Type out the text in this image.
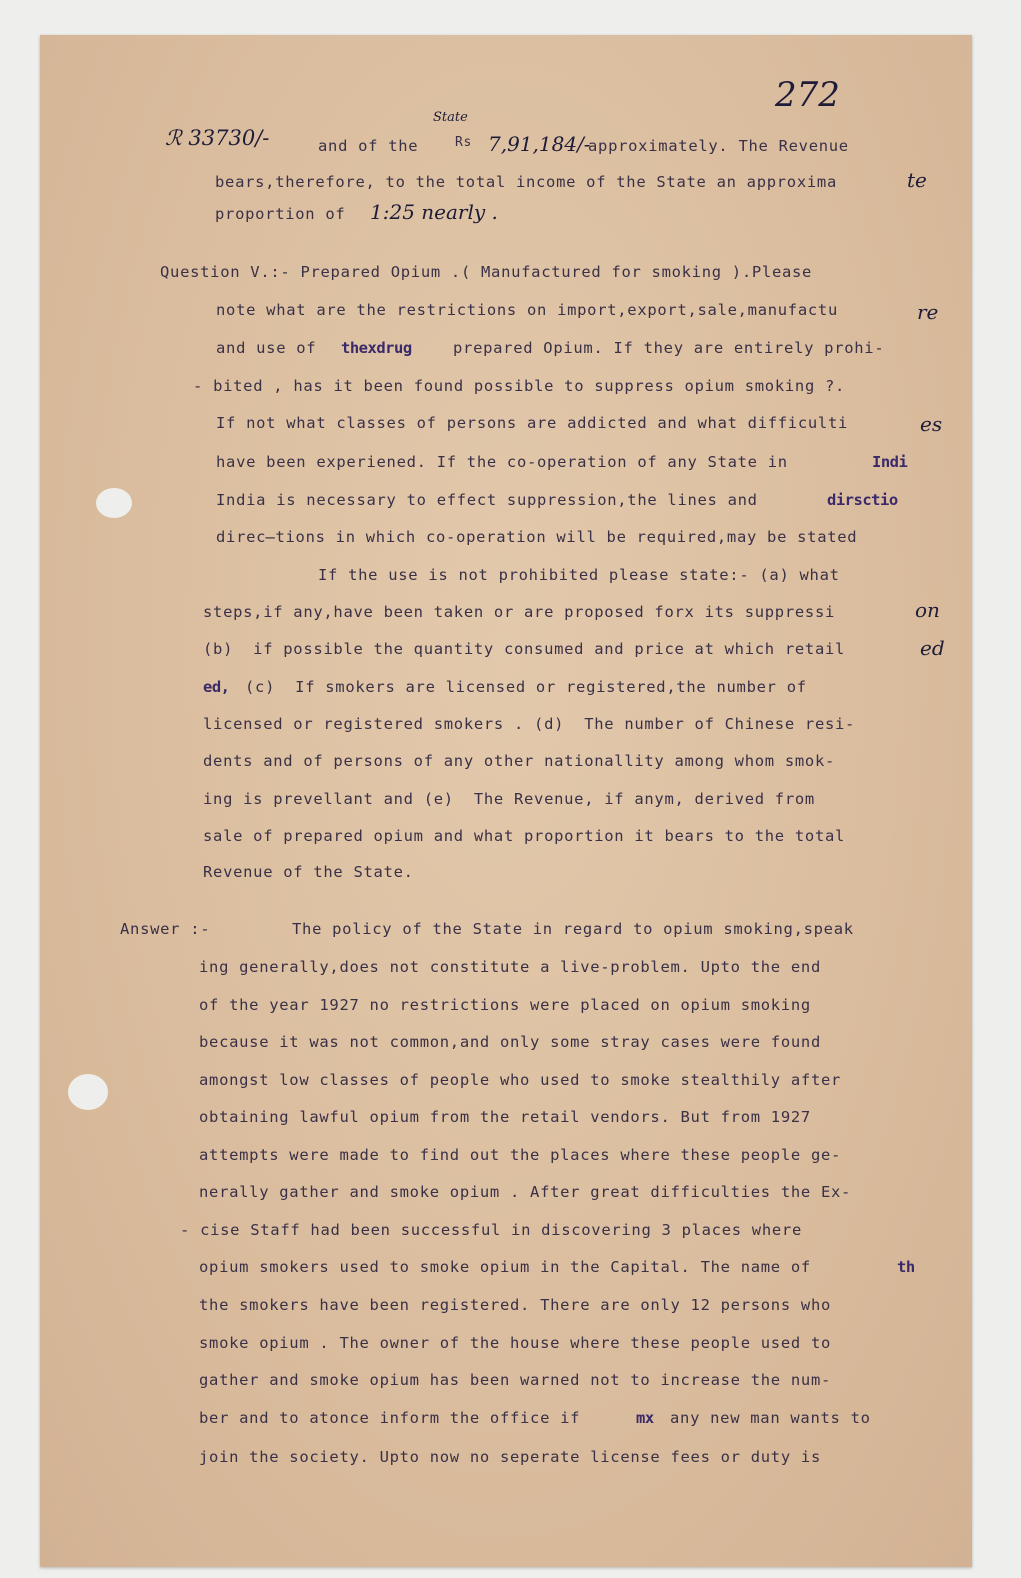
272
ℛ 33730/-
State
7,91,184/-
1:25 nearly .
te
re
es
on
ed
and of the	Rs	approximately. The Revenue
bears,therefore, to the total income of the State an approxima
proportion of
Question V.:- Prepared Opium .( Manufactured for smoking ).Please
note what are the restrictions on import,export,sale,manufactu
and use of thexdrug	prepared Opium. If they are entirely prohi-
- bited , has it been found possible to suppress opium smoking ?.
If not what classes of persons are addicted and what difficulti
have been experiened. If the co-operation of any State in	Indi
India is necessary to effect suppression,the lines and	dirsctio
direc̶tions in which co-operation will be required,may be stated
If the use is not prohibited please state:- (a) what
steps,if any,have been taken or are proposed forx its suppressi
(b)  if possible the quantity consumed and price at which retail
ed, (c)  If smokers are licensed or registered,the number of
licensed or registered smokers . (d)  The number of Chinese resi-
dents and of persons of any other nationallity among whom smok-
ing is prevellant and (e)  The Revenue, if anym, derived from
sale of prepared opium and what proportion it bears to the total
Revenue of the State.
Answer :-	The policy of the State in regard to opium smoking,speak
ing generally,does not constitute a live-problem. Upto the end
of the year 1927 no restrictions were placed on opium smoking
because it was not common,and only some stray cases were found
amongst low classes of people who used to smoke stealthily after
obtaining lawful opium from the retail vendors. But from 1927
attempts were made to find out the places where these people ge-
nerally gather and smoke opium . After great difficulties the Ex-
- cise Staff had been successful in discovering 3 places where
opium smokers used to smoke opium in the Capital. The name of	th
the smokers have been registered. There are only 12 persons who
smoke opium . The owner of the house where these people used to
gather and smoke opium has been warned not to increase the num-
ber and to atonce inform the office if	mx any new man wants to
join the society. Upto now no seperate license fees or duty is
